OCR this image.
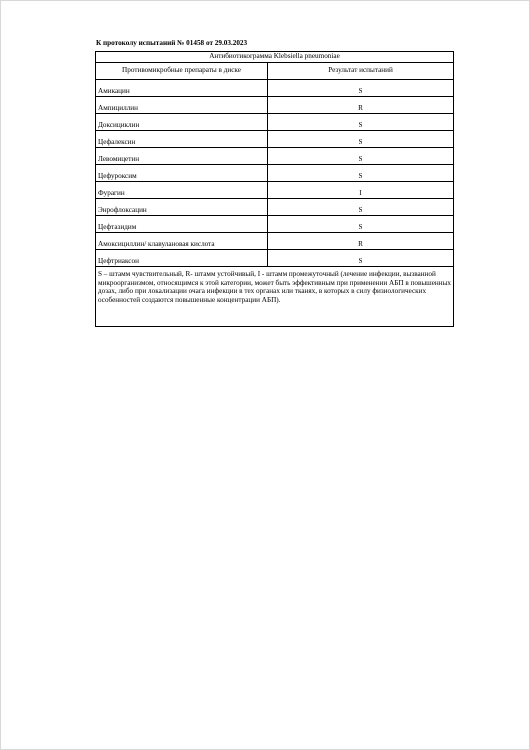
К протоколу испытаний № 01458 от 29.03.2023
Антибиотикограмма Klebsiella pneumoniae	
Противомикробные препараты в диске	Результат испытаний
Амикацин	S
Ампициллин	R
Доксициклин	S
Цефалексин	S
Левомицетин	S
Цефуроксим	S
Фурагин	I
Энрофлоксацин	S
Цефтазидим	S
Амоксициллин/ клавулановая кислота	R
Цефтриаксон	S
S – штамм чувствительный, R- штамм устойчивый, I - штамм промежуточный (лечение инфекции, вызванной микроорганизмом, относящимся к этой категории, может быть эффективным при применении АБП в повышенных дозах, либо при локализации очага инфекции в тех органах или тканях, в которых в силу физиологических особенностей создаются повышенные концентрации АБП).	
